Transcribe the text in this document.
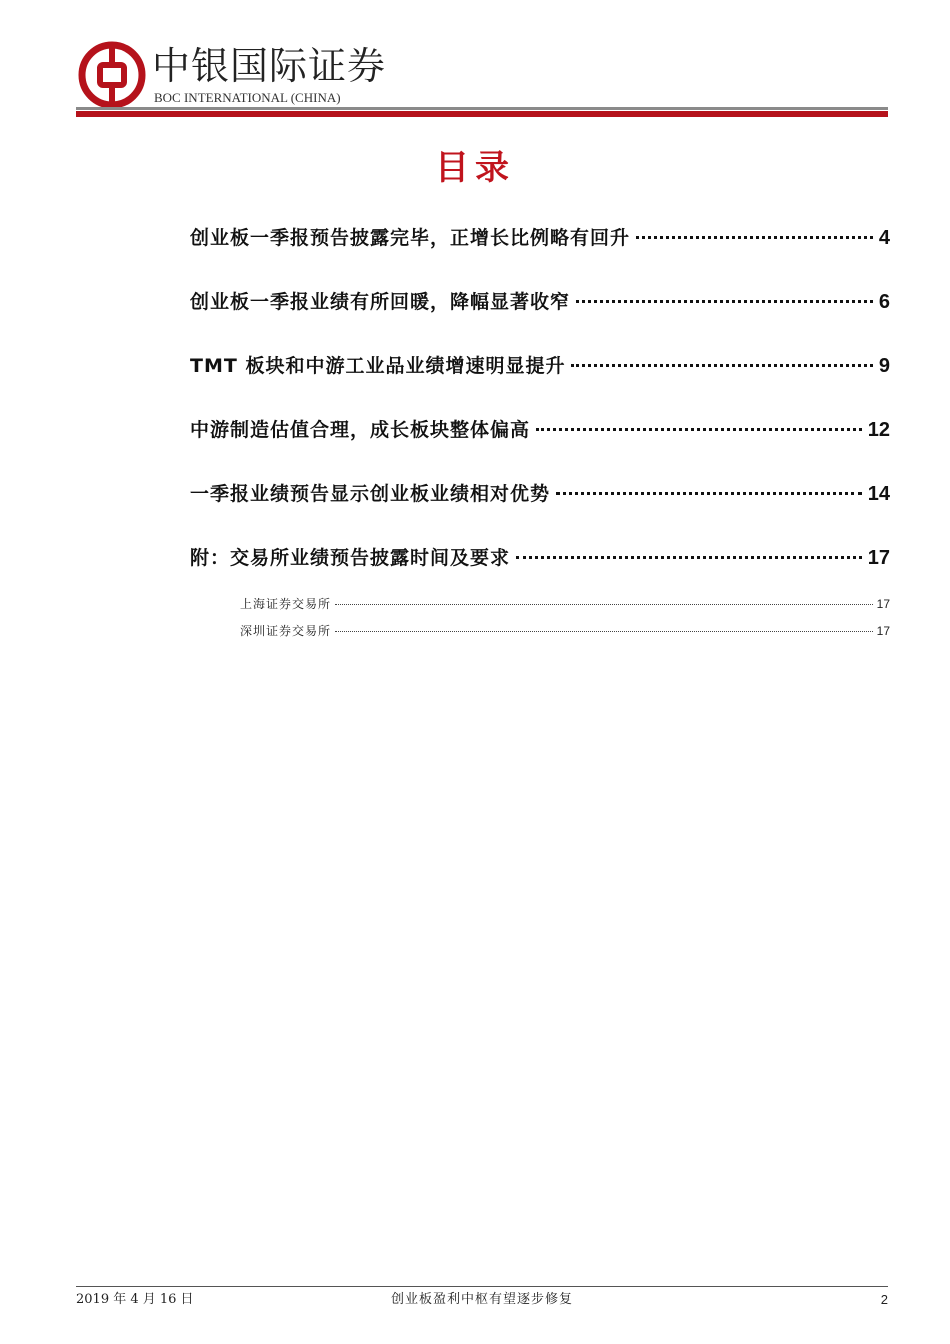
中银国际证券
BOC INTERNATIONAL (CHINA)
目录
创业板一季报预告披露完毕，正增长比例略有回升	4
创业板一季报业绩有所回暖，降幅显著收窄	6
TMT 板块和中游工业品业绩增速明显提升	9
中游制造估值合理，成长板块整体偏高	12
一季报业绩预告显示创业板业绩相对优势	14
附：交易所业绩预告披露时间及要求	17
上海证券交易所	17
深圳证券交易所	17
2019 年 4 月 16 日	创业板盈利中枢有望逐步修复	2
